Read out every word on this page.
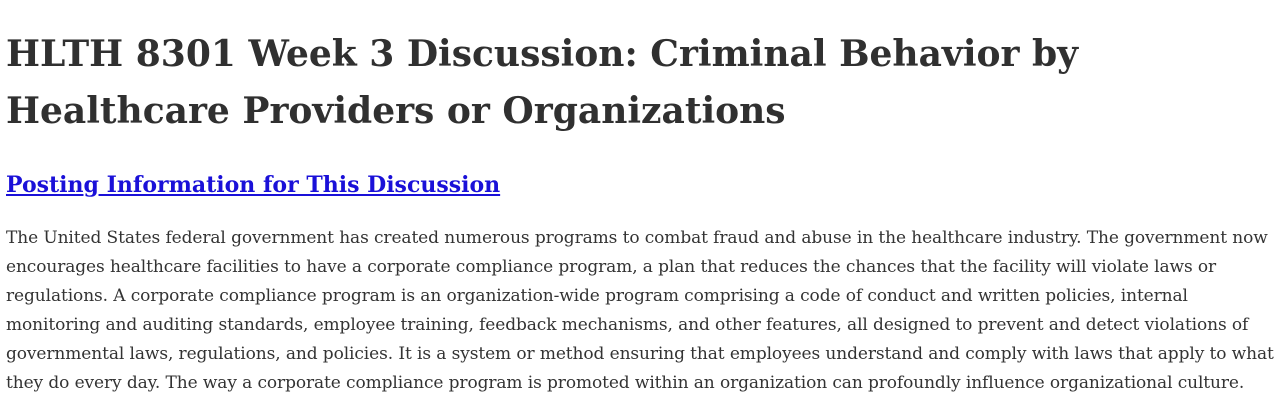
HLTH 8301 Week 3 Discussion: Criminal Behavior by Healthcare Providers or Organizations
Posting Information for This Discussion

The United States federal government has created numerous programs to combat fraud and abuse in the healthcare industry. The government now encourages healthcare facilities to have a corporate compliance program, a plan that reduces the chances that the facility will violate laws or regulations. A corporate compliance program is an organization-wide program comprising a code of conduct and written policies, internal monitoring and auditing standards, employee training, feedback mechanisms, and other features, all designed to prevent and detect violations of governmental laws, regulations, and policies. It is a system or method ensuring that employees understand and comply with laws that apply to what they do every day. The way a corporate compliance program is promoted within an organization can profoundly influence organizational culture.
